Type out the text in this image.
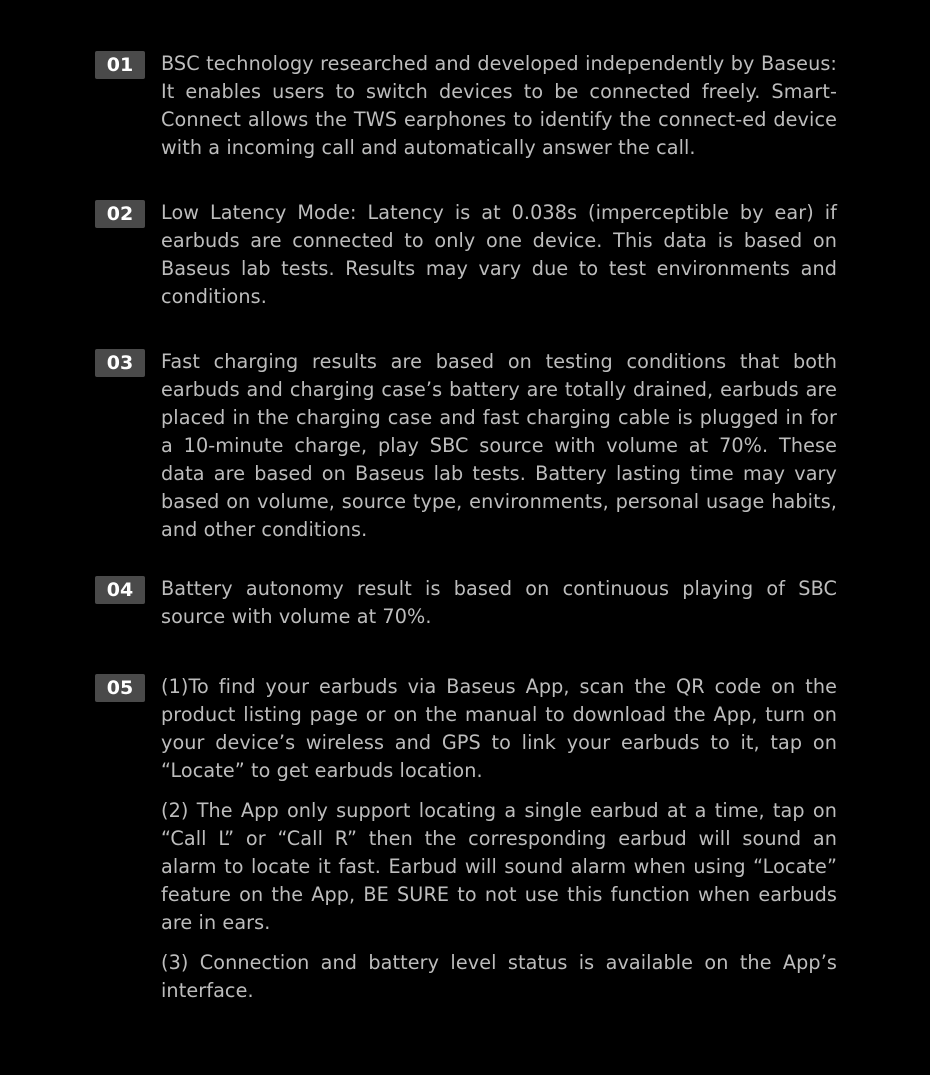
01	BSC technology researched and developed independently by Baseus: It enables users to switch devices to be connected freely. Smart-Connect allows the TWS earphones to identify the connect-ed device with a incoming call and automatically answer the call.

02	Low Latency Mode: Latency is at 0.038s (imperceptible by ear) if earbuds are connected to only one device. This data is based on Baseus lab tests. Results may vary due to test environments and conditions.

03	Fast charging results are based on testing conditions that both earbuds and charging case’s battery are totally drained, earbuds are placed in the charging case and fast charging cable is plugged in for a 10-minute charge, play SBC source with volume at 70%. These data are based on Baseus lab tests. Battery lasting time may vary based on volume, source type, environments, personal usage habits, and other conditions.

04	Battery autonomy result is based on continuous playing of SBC source with volume at 70%.

05	(1)To find your earbuds via Baseus App, scan the QR code on the product listing page or on the manual to download the App, turn on your device’s wireless and GPS to link your earbuds to it, tap on “Locate” to get earbuds location.

(2) The App only support locating a single earbud at a time, tap on “Call L” or “Call R” then the corresponding earbud will sound an alarm to locate it fast. Earbud will sound alarm when using “Locate” feature on the App, BE SURE to not use this function when earbuds are in ears.

(3) Connection and battery level status is available on the App’s interface.
